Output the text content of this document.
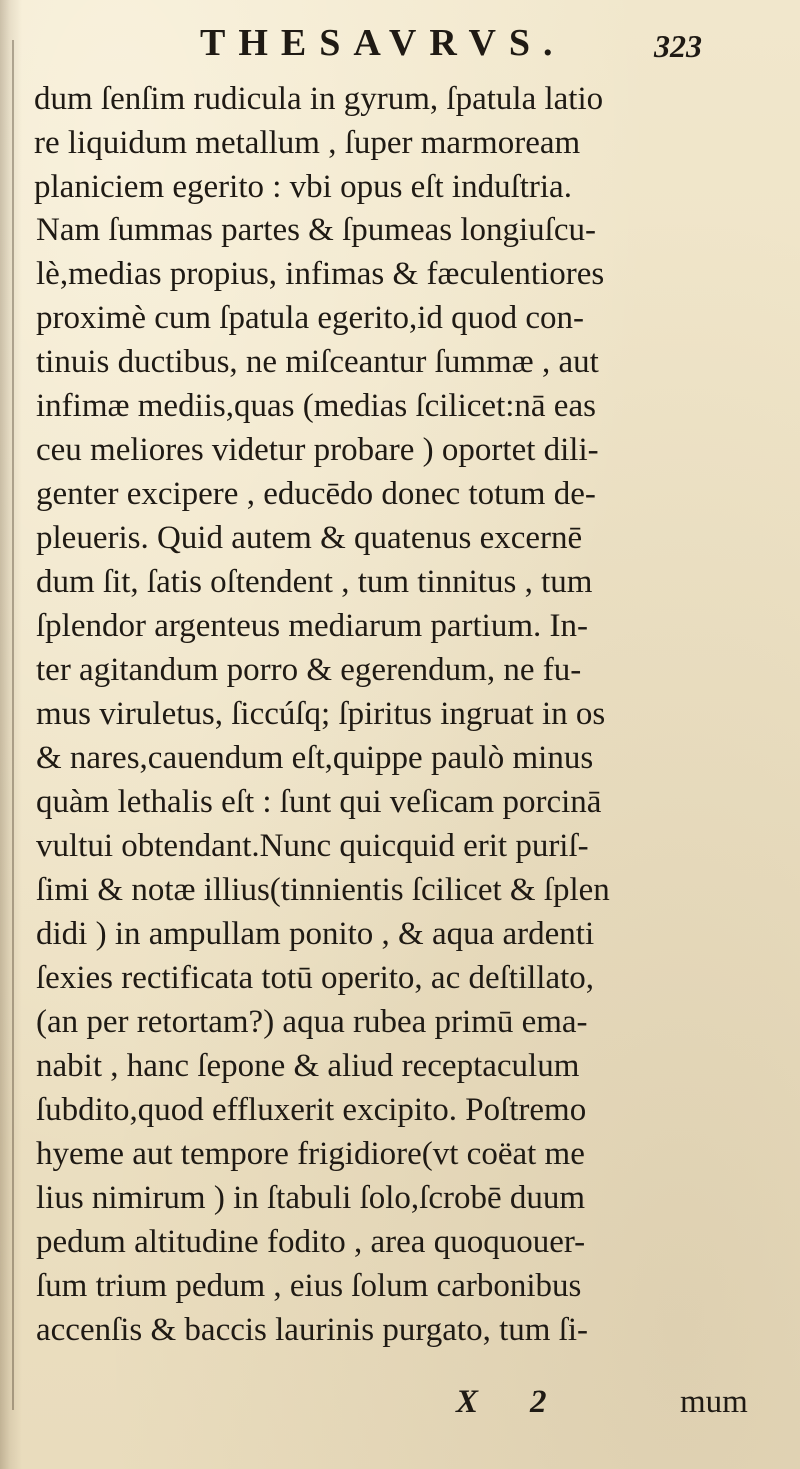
THESAVRVS.	323
dum ſenſim rudicula in gyrum, ſpatula latio
re liquidum metallum , ſuper marmoream
planiciem egerito : vbi opus eſt induſtria.
Nam ſummas partes & ſpumeas longiuſcu-
lè,medias propius, infimas & fæculentiores
proximè cum ſpatula egerito,id quod con-
tinuis ductibus, ne miſceantur ſummæ , aut
infimæ mediis,quas (medias ſcilicet:nā eas
ceu meliores videtur probare ) oportet dili-
genter excipere , educēdo donec totum de-
pleueris. Quid autem & quatenus excernē
dum ſit, ſatis oſtendent , tum tinnitus , tum
ſplendor argenteus mediarum partium. In-
ter agitandum porro & egerendum, ne fu-
mus viruletus, ſiccúſq; ſpiritus ingruat in os
& nares,cauendum eſt,quippe paulò minus
quàm lethalis eſt : ſunt qui veſicam porcinā
vultui obtendant.Nunc quicquid erit puriſ-
ſimi & notæ illius(tinnientis ſcilicet & ſplen
didi ) in ampullam ponito , & aqua ardenti
ſexies rectificata totū operito, ac deſtillato,
(an per retortam?) aqua rubea primū ema-
nabit , hanc ſepone & aliud receptaculum
ſubdito,quod effluxerit excipito. Poſtremo
hyeme aut tempore frigidiore(vt coëat me
lius nimirum ) in ſtabuli ſolo,ſcrobē duum
pedum altitudine fodito , area quoquouer-
ſum trium pedum , eius ſolum carbonibus
accenſis & baccis laurinis purgato, tum ſi-
X 2	mum
